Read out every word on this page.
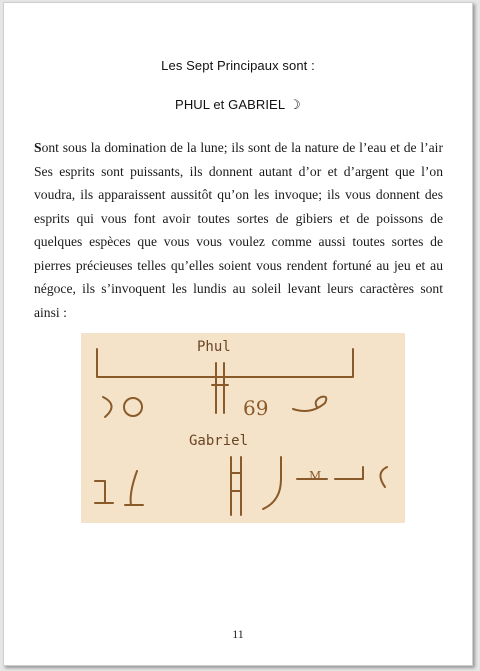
Les Sept Principaux sont :
PHUL et GABRIEL ☽
Sont sous la domination de la lune; ils sont de la nature de l’eau et de l’air Ses esprits sont puissants, ils donnent autant d’or et d’argent que l’on voudra, ils apparaissent aussitôt qu’on les invoque; ils vous donnent des esprits qui vous font avoir toutes sortes de gibiers et de poissons de quelques espèces que vous vous voulez comme aussi toutes sortes de pierres précieuses telles qu’elles soient vous rendent fortuné au jeu et au négoce, ils s’invoquent les lundis au soleil levant leurs caractères sont ainsi :
69
M
Phul
Gabriel
11
